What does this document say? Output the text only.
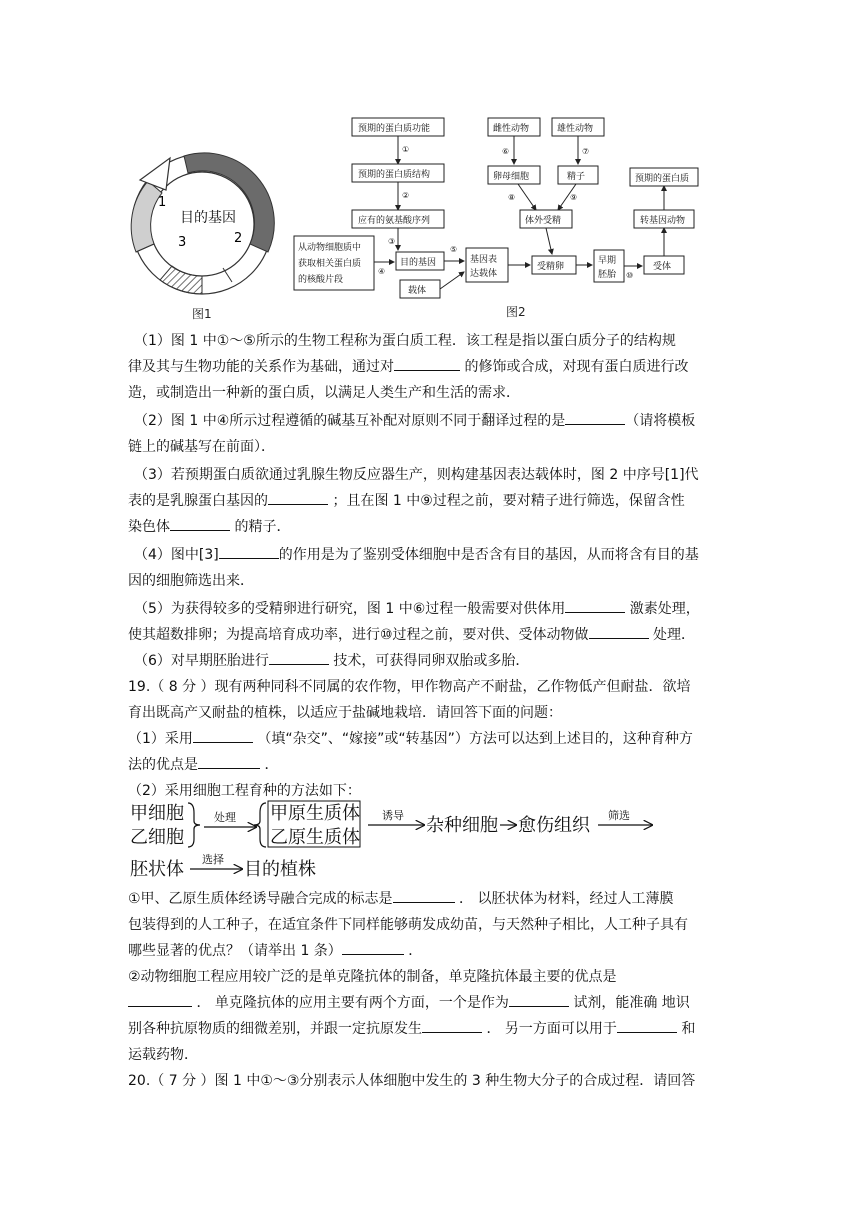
目的基因
1
2
3
图1
预期的蛋白质功能
①
预期的蛋白质结构
②
应有的氨基酸序列
③
从动物细胞质中
获取相关蛋白质
的核酸片段
④
目的基因
⑤
载体
基因表
达载体
受精卵
雌性动物	雄性动物
⑥	⑦
卵母细胞	精子
⑧	⑨
体外受精
早期
胚胎 ⑩
受体
转基因动物
预期的蛋白质
图2
（1）图 1 中①～⑤所示的生物工程称为蛋白质工程．该工程是指以蛋白质分子的结构规
律及其与生物功能的关系作为基础，通过对	的修饰或合成，对现有蛋白质进行改
造，或制造出一种新的蛋白质，以满足人类生产和生活的需求．
（2）图 1 中④所示过程遵循的碱基互补配对原则不同于翻译过程的是	（请将模板
链上的碱基写在前面）．
（3）若预期蛋白质欲通过乳腺生物反应器生产，则构建基因表达载体时，图 2 中序号[1]代
表的是乳腺蛋白基因的	；且在图 1 中⑨过程之前，要对精子进行筛选，保留含性
染色体	的精子．
（4）图中[3]	的作用是为了鉴别受体细胞中是否含有目的基因，从而将含有目的基
因的细胞筛选出来．
（5）为获得较多的受精卵进行研究，图 1 中⑥过程一般需要对供体用	激素处理，
使其超数排卵；为提高培育成功率，进行⑩过程之前，要对供、受体动物做	处理．
（6）对早期胚胎进行	技术，可获得同卵双胎或多胎．
19.（ 8 分 ）现有两种同科不同属的农作物，甲作物高产不耐盐，乙作物低产但耐盐．欲培
育出既高产又耐盐的植株，以适应于盐碱地栽培．请回答下面的问题：
（1）采用	（填“杂交”、“嫁接”或“转基因”）方法可以达到上述目的，这种育种方
法的优点是	．
（2）采用细胞工程育种的方法如下：
甲细胞
乙细胞
处理 甲原生质体
乙原生质体
诱导 杂种细胞 愈伤组织 筛选
胚状体 选择 目的植株
①甲、乙原生质体经诱导融合完成的标志是	． 以胚状体为材料，经过人工薄膜
包装得到的人工种子，在适宜条件下同样能够萌发成幼苗，与天然种子相比，人工种子具有
哪些显著的优点？（请举出 1 条）	．
②动物细胞工程应用较广泛的是单克隆抗体的制备，单克隆抗体最主要的优点是
． 单克隆抗体的应用主要有两个方面，一个是作为	试剂，能准确 地识
别各种抗原物质的细微差别，并跟一定抗原发生	． 另一方面可以用于	和
运载药物．
20.（ 7 分 ）图 1 中①～③分别表示人体细胞中发生的 3 种生物大分子的合成过程．请回答
